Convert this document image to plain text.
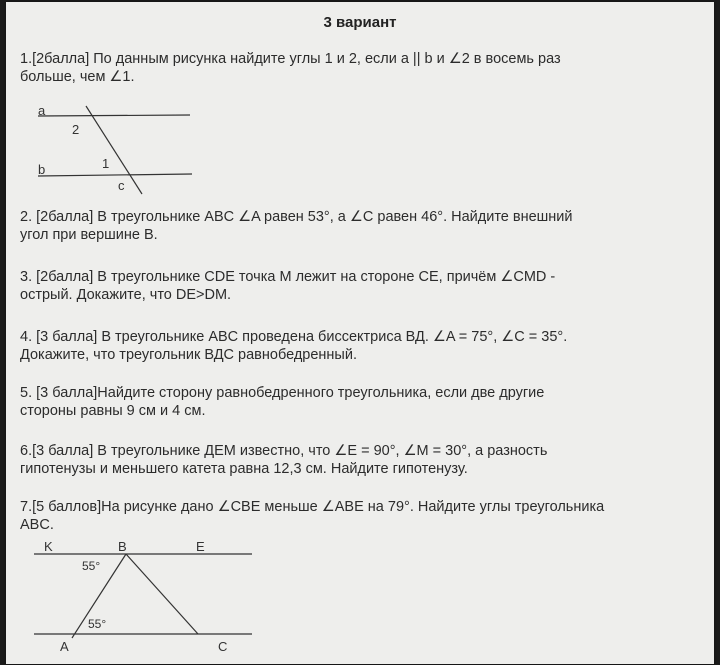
3 вариант
1.[2балла] По данным рисунка найдите углы 1 и 2, если a || b и ∠2 в восемь раз
больше, чем ∠1.
a
b
c
2
1
2. [2балла] В треугольнике ABC ∠A равен 53°, а ∠C равен 46°. Найдите внешний
угол при вершине B.
3. [2балла] В треугольнике CDE точка M лежит на стороне CE, причём ∠CMD -
острый. Докажите, что DE>DM.
4. [3 балла] В треугольнике ABC проведена биссектриса ВД. ∠A = 75°, ∠C = 35°.
Докажите, что треугольник ВДС равнобедренный.
5. [3 балла]Найдите сторону равнобедренного треугольника, если две другие
стороны равны 9 см и 4 см.
6.[3 балла] В треугольнике ДЕМ известно, что ∠E = 90°, ∠M = 30°, а разность
гипотенузы и меньшего катета равна 12,3 см. Найдите гипотенузу.
7.[5 баллов]На рисунке дано ∠CBE меньше ∠ABE на 79°. Найдите углы треугольника
ABC.
K	B	E
A	C
55°
55°
